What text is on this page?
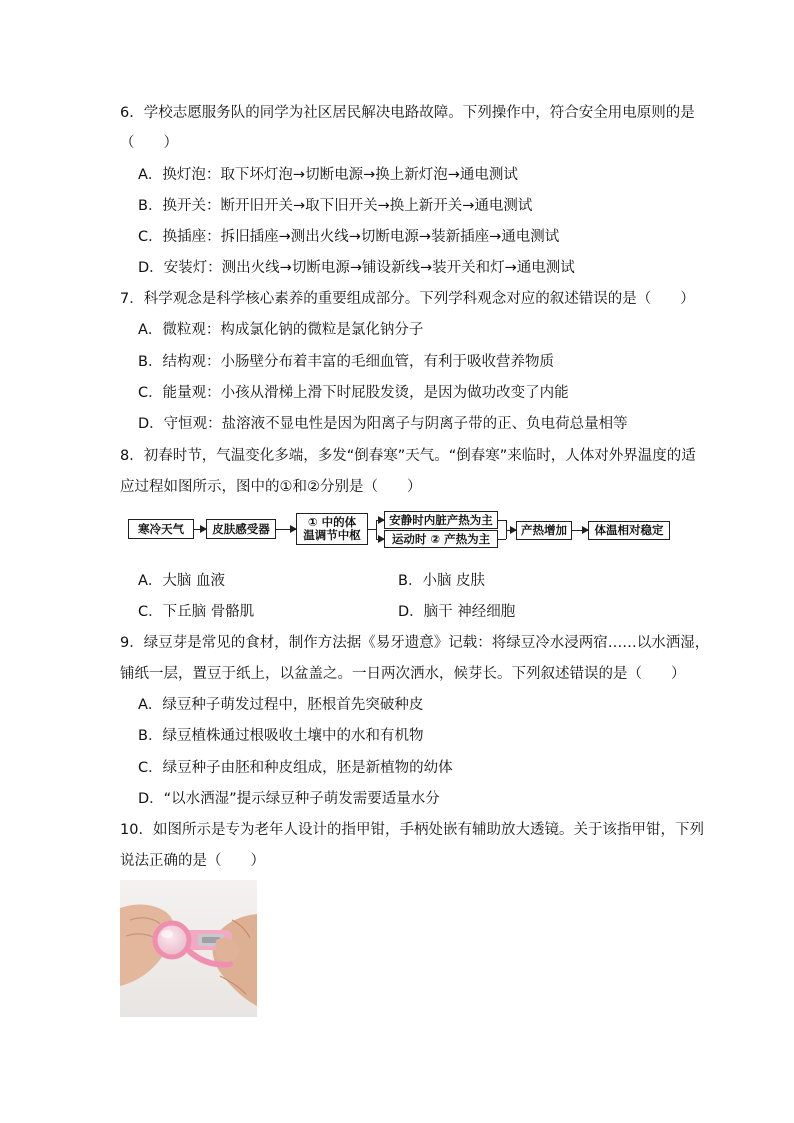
6．学校志愿服务队的同学为社区居民解决电路故障。下列操作中，符合安全用电原则的是
（　　）
A．换灯泡：取下坏灯泡→切断电源→换上新灯泡→通电测试
B．换开关：断开旧开关→取下旧开关→换上新开关→通电测试
C．换插座：拆旧插座→测出火线→切断电源→装新插座→通电测试
D．安装灯：测出火线→切断电源→铺设新线→装开关和灯→通电测试
7．科学观念是科学核心素养的重要组成部分。下列学科观念对应的叙述错误的是（　　）
A．微粒观：构成氯化钠的微粒是氯化钠分子
B．结构观：小肠壁分布着丰富的毛细血管，有利于吸收营养物质
C．能量观：小孩从滑梯上滑下时屁股发烫，是因为做功改变了内能
D．守恒观：盐溶液不显电性是因为阳离子与阴离子带的正、负电荷总量相等
8．初春时节，气温变化多端，多发“倒春寒”天气。“倒春寒”来临时，人体对外界温度的适
应过程如图所示，图中的①和②分别是（　　）
寒冷天气	皮肤感受器	① 中的体
温调节中枢
安静时内脏产热为主
运动时 ② 产热为主
产热增加	体温相对稳定
A．大脑 血液	B．小脑 皮肤
C．下丘脑 骨骼肌	D．脑干 神经细胞
9．绿豆芽是常见的食材，制作方法据《易牙遗意》记载：将绿豆冷水浸两宿……以水洒湿，
铺纸一层，置豆于纸上，以盆盖之。一日两次洒水，候芽长。下列叙述错误的是（　　）
A．绿豆种子萌发过程中，胚根首先突破种皮
B．绿豆植株通过根吸收土壤中的水和有机物
C．绿豆种子由胚和种皮组成，胚是新植物的幼体
D．“以水洒湿”提示绿豆种子萌发需要适量水分
10．如图所示是专为老年人设计的指甲钳，手柄处嵌有辅助放大透镜。关于该指甲钳，下列
说法正确的是（　　）
